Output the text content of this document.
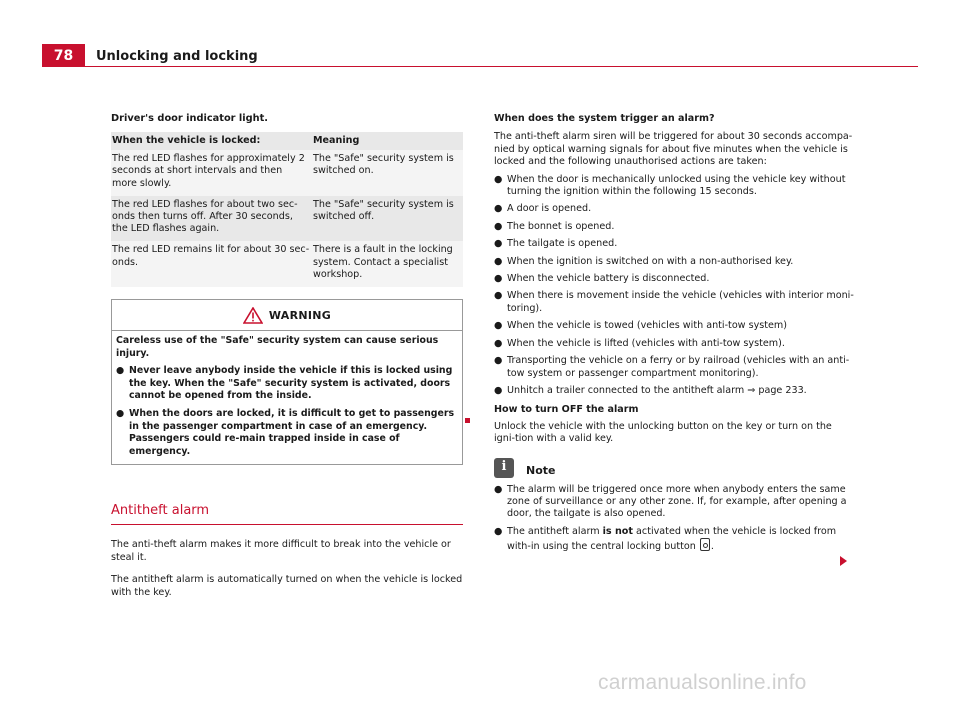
78	Unlocking and locking
Driver's door indicator light.
When the vehicle is locked:	Meaning
The red LED flashes for approximately 2 seconds at short intervals and then more slowly.	The "Safe" security system is switched on.
The red LED flashes for about two sec-onds then turns off. After 30 seconds, the LED flashes again.	The "Safe" security system is switched off.
The red LED remains lit for about 30 sec-onds.	There is a fault in the locking system. Contact a specialist workshop.
WARNING

Careless use of the "Safe" security system can cause serious injury.

● Never leave anybody inside the vehicle if this is locked using the key. When the "Safe" security system is activated, doors cannot be opened from the inside.
● When the doors are locked, it is difficult to get to passengers in the passenger compartment in case of an emergency. Passengers could re-main trapped inside in case of emergency.
Antitheft alarm

The anti-theft alarm makes it more difficult to break into the vehicle or steal it.

The antitheft alarm is automatically turned on when the vehicle is locked with the key.

When does the system trigger an alarm?

The anti-theft alarm siren will be triggered for about 30 seconds accompa-nied by optical warning signals for about five minutes when the vehicle is locked and the following unauthorised actions are taken:

● When the door is mechanically unlocked using the vehicle key without turning the ignition within the following 15 seconds.
● A door is opened.
● The bonnet is opened.
● The tailgate is opened.
● When the ignition is switched on with a non-authorised key.
● When the vehicle battery is disconnected.
● When there is movement inside the vehicle (vehicles with interior moni-toring).
● When the vehicle is towed (vehicles with anti-tow system)
● When the vehicle is lifted (vehicles with anti-tow system).
● Transporting the vehicle on a ferry or by railroad (vehicles with an anti-tow system or passenger compartment monitoring).
● Unhitch a trailer connected to the antitheft alarm ⇒ page 233.
How to turn OFF the alarm

Unlock the vehicle with the unlocking button on the key or turn on the igni-tion with a valid key.

i	Note
● The alarm will be triggered once more when anybody enters the same zone of surveillance or any other zone. If, for example, after opening a door, the tailgate is also opened.
● The antitheft alarm is not activated when the vehicle is locked from with-in using the central locking button .
carmanualsonline.info
